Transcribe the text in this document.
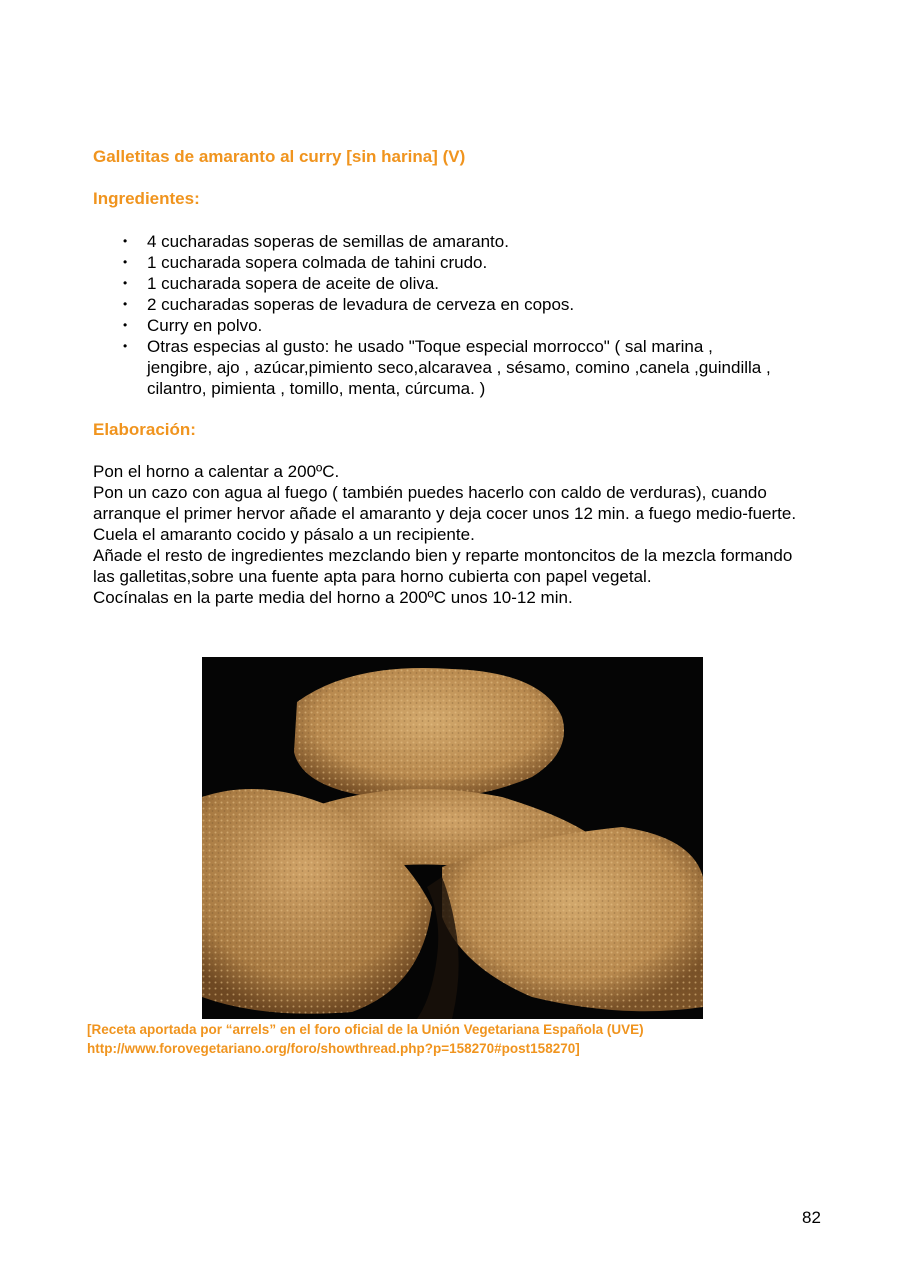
Galletitas de amaranto al curry [sin harina] (V)
Ingredientes:
• 4 cucharadas soperas de semillas de amaranto.
• 1 cucharada sopera colmada de tahini crudo.
• 1 cucharada sopera de aceite de oliva.
• 2 cucharadas soperas de levadura de cerveza en copos.
• Curry en polvo.
• Otras especias al gusto: he usado "Toque especial morrocco" ( sal marina , jengibre, ajo , azúcar,pimiento seco,alcaravea , sésamo, comino ,canela ,guindilla , cilantro, pimienta , tomillo, menta, cúrcuma. )
Elaboración:

Pon el horno a calentar a 200ºC.

Pon un cazo con agua al fuego ( también puedes hacerlo con caldo de verduras), cuando arranque el primer hervor añade el amaranto y deja cocer unos 12 min. a fuego medio-fuerte.

Cuela el amaranto cocido y pásalo a un recipiente.

Añade el resto de ingredientes mezclando bien y reparte montoncitos de la mezcla formando las galletitas,sobre una fuente apta para horno cubierta con papel vegetal.

Cocínalas en la parte media del horno a 200ºC unos 10-12 min.

[Receta aportada por “arrels” en el foro oficial de la Unión Vegetariana Española (UVE)

http://www.forovegetariano.org/foro/showthread.php?p=158270#post158270]

82
